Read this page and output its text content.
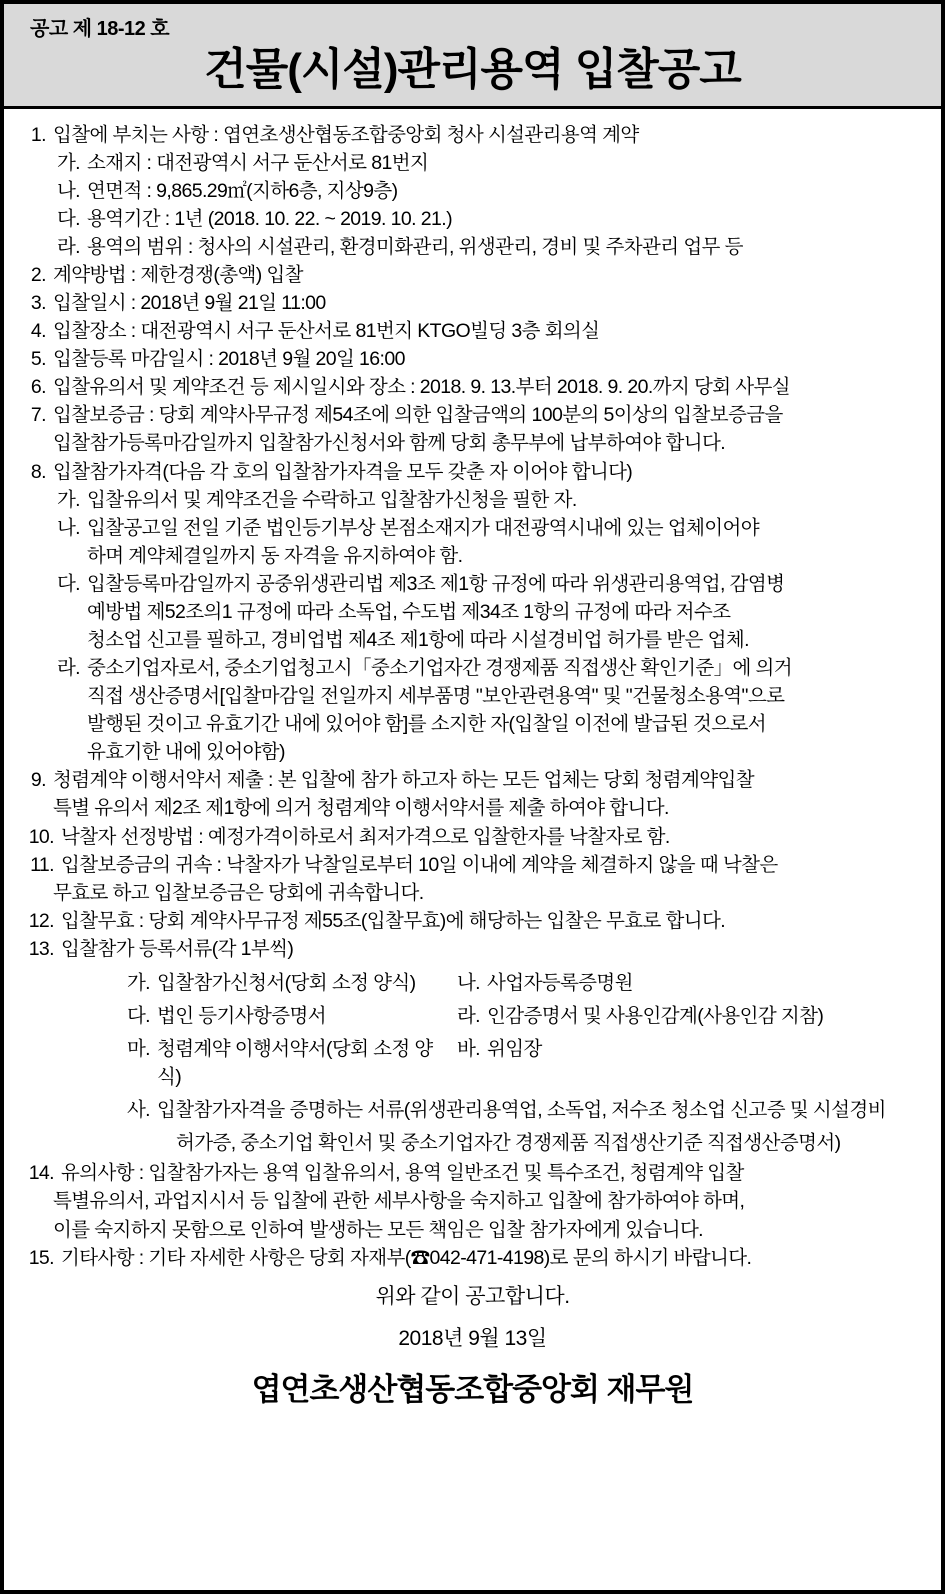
공고 제 18-12 호
건물(시설)관리용역 입찰공고
1. 입찰에 부치는 사항 : 엽연초생산협동조합중앙회 청사 시설관리용역 계약
가. 소재지 : 대전광역시 서구 둔산서로 81번지
나. 연면적 : 9,865.29㎡(지하6층, 지상9층)
다. 용역기간 : 1년 (2018. 10. 22. ~ 2019. 10. 21.)
라. 용역의 범위 : 청사의 시설관리, 환경미화관리, 위생관리, 경비 및 주차관리 업무 등
2. 계약방법 : 제한경쟁(총액) 입찰
3. 입찰일시 : 2018년 9월 21일 11:00
4. 입찰장소 : 대전광역시 서구 둔산서로 81번지 KTGO빌딩 3층 회의실
5. 입찰등록 마감일시 : 2018년 9월 20일 16:00
6. 입찰유의서 및 계약조건 등 제시일시와 장소 : 2018. 9. 13.부터 2018. 9. 20.까지 당회 사무실
7. 입찰보증금 : 당회 계약사무규정 제54조에 의한 입찰금액의 100분의 5이상의 입찰보증금을
입찰참가등록마감일까지 입찰참가신청서와 함께 당회 총무부에 납부하여야 합니다.
8. 입찰참가자격(다음 각 호의 입찰참가자격을 모두 갖춘 자 이어야 합니다)
가. 입찰유의서 및 계약조건을 수락하고 입찰참가신청을 필한 자.
나. 입찰공고일 전일 기준 법인등기부상 본점소재지가 대전광역시내에 있는 업체이어야
하며 계약체결일까지 동 자격을 유지하여야 함.
다. 입찰등록마감일까지 공중위생관리법 제3조 제1항 규정에 따라 위생관리용역업, 감염병
예방법 제52조의1 규정에 따라 소독업, 수도법 제34조 1항의 규정에 따라 저수조
청소업 신고를 필하고, 경비업법 제4조 제1항에 따라 시설경비업 허가를 받은 업체.
라. 중소기업자로서, 중소기업청고시「중소기업자간 경쟁제품 직접생산 확인기준」에 의거
직접 생산증명서[입찰마감일 전일까지 세부품명 "보안관련용역" 및 "건물청소용역"으로
발행된 것이고 유효기간 내에 있어야 함]를 소지한 자(입찰일 이전에 발급된 것으로서
유효기한 내에 있어야함)
9. 청렴계약 이행서약서 제출 : 본 입찰에 참가 하고자 하는 모든 업체는 당회 청렴계약입찰
특별 유의서 제2조 제1항에 의거 청렴계약 이행서약서를 제출 하여야 합니다.
10. 낙찰자 선정방법 : 예정가격이하로서 최저가격으로 입찰한자를 낙찰자로 함.
11. 입찰보증금의 귀속 : 낙찰자가 낙찰일로부터 10일 이내에 계약을 체결하지 않을 때 낙찰은
무효로 하고 입찰보증금은 당회에 귀속합니다.
12. 입찰무효 : 당회 계약사무규정 제55조(입찰무효)에 해당하는 입찰은 무효로 합니다.
13. 입찰참가 등록서류(각 1부씩)
가. 입찰참가신청서(당회 소정 양식)	나. 사업자등록증명원
다. 법인 등기사항증명서	라. 인감증명서 및 사용인감계(사용인감 지참)
마. 청렴계약 이행서약서(당회 소정 양식)
바. 위임장
사. 입찰참가자격을 증명하는 서류(위생관리용역업, 소독업, 저수조 청소업 신고증 및 시설경비
허가증, 중소기업 확인서 및 중소기업자간 경쟁제품 직접생산기준 직접생산증명서)
14. 유의사항 : 입찰참가자는 용역 입찰유의서, 용역 일반조건 및 특수조건, 청렴계약 입찰
특별유의서, 과업지시서 등 입찰에 관한 세부사항을 숙지하고 입찰에 참가하여야 하며,
이를 숙지하지 못함으로 인하여 발생하는 모든 책임은 입찰 참가자에게 있습니다.
15. 기타사항 : 기타 자세한 사항은 당회 자재부(☎042-471-4198)로 문의 하시기 바랍니다.
위와 같이 공고합니다.
2018년 9월 13일
엽연초생산협동조합중앙회 재무원
